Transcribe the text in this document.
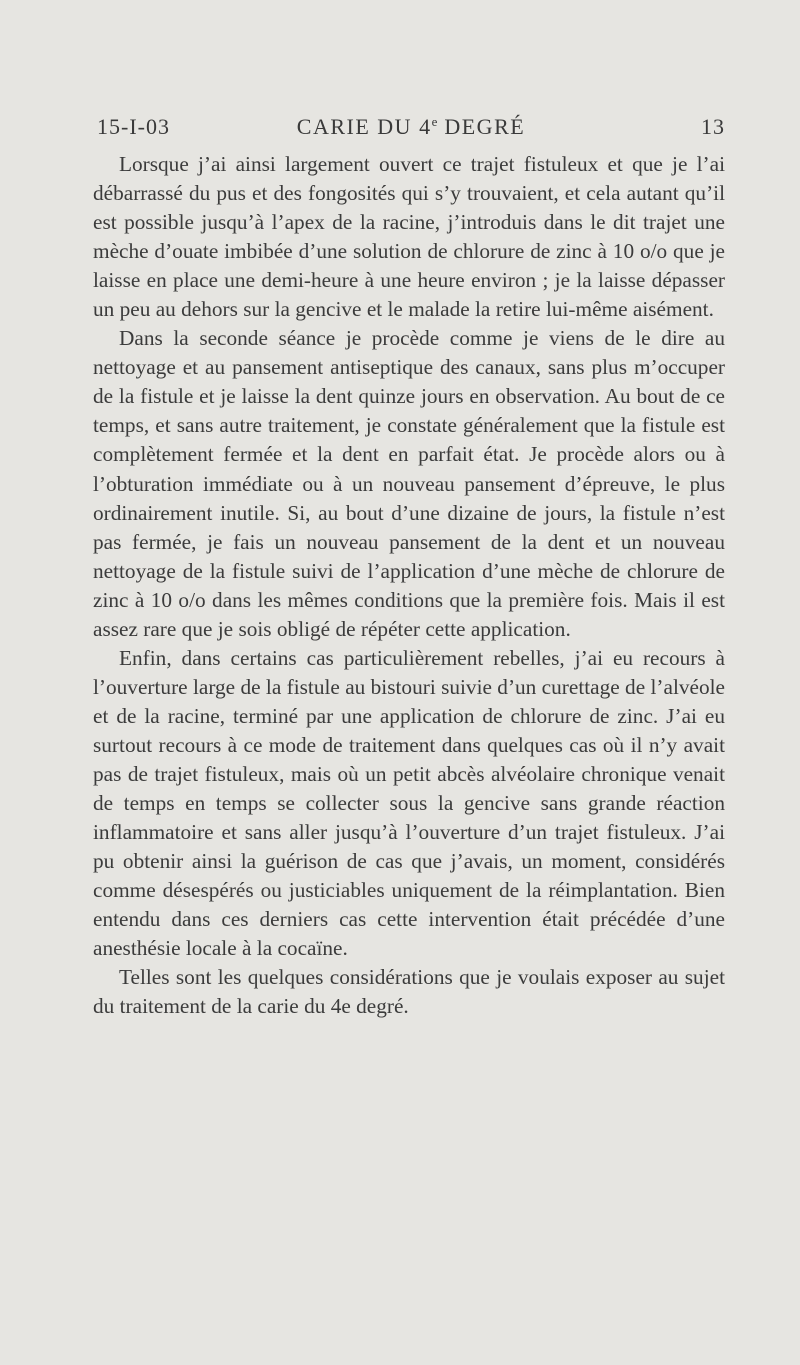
15-I-03	CARIE DU 4e DEGRÉ	13

Lorsque j’ai ainsi largement ouvert ce trajet fistuleux et que je l’ai débarrassé du pus et des fongosités qui s’y trouvaient, et cela autant qu’il est possible jusqu’à l’apex de la racine, j’introduis dans le dit trajet une mèche d’ouate imbibée d’une solution de chlorure de zinc à 10 o/o que je laisse en place une demi-heure à une heure environ ; je la laisse dépasser un peu au dehors sur la gencive et le malade la retire lui-même aisément.

Dans la seconde séance je procède comme je viens de le dire au nettoyage et au pansement antiseptique des canaux, sans plus m’occuper de la fistule et je laisse la dent quinze jours en observation. Au bout de ce temps, et sans autre traitement, je constate généralement que la fistule est complètement fermée et la dent en parfait état. Je procède alors ou à l’obturation immédiate ou à un nouveau pansement d’épreuve, le plus ordinairement inutile. Si, au bout d’une dizaine de jours, la fistule n’est pas fermée, je fais un nouveau pansement de la dent et un nouveau nettoyage de la fistule suivi de l’application d’une mèche de chlorure de zinc à 10 o/o dans les mêmes conditions que la première fois. Mais il est assez rare que je sois obligé de répéter cette application.

Enfin, dans certains cas particulièrement rebelles, j’ai eu recours à l’ouverture large de la fistule au bistouri suivie d’un curettage de l’alvéole et de la racine, terminé par une application de chlorure de zinc. J’ai eu surtout recours à ce mode de traitement dans quelques cas où il n’y avait pas de trajet fistuleux, mais où un petit abcès alvéolaire chronique venait de temps en temps se collecter sous la gencive sans grande réaction inflammatoire et sans aller jusqu’à l’ouverture d’un trajet fistuleux. J’ai pu obtenir ainsi la guérison de cas que j’avais, un moment, considérés comme désespérés ou justiciables uniquement de la réimplantation. Bien entendu dans ces derniers cas cette intervention était précédée d’une anesthésie locale à la cocaïne.

Telles sont les quelques considérations que je voulais exposer au sujet du traitement de la carie du 4e degré.
